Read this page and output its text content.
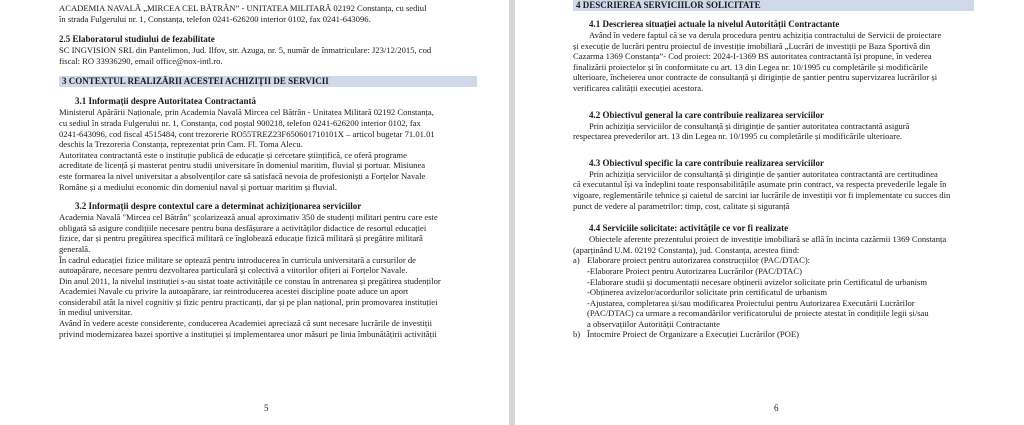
ACADEMIA NAVALĂ „MIRCEA CEL BĂTRÂN” - UNITATEA MILITARĂ 02192 Constanța, cu sediul

în strada Fulgerului nr. 1, Constanța, telefon 0241-626200 interior 0102, fax 0241-643096.

2.5 Elaboratorul studiului de fezabilitate

SC INGVISION SRL din Pantelimon, Jud. Ilfov, str. Azuga, nr. 5, număr de înmatriculare: J23/12/2015, cod

fiscal: RO 33936290, email office@nox-intl.ro.

3 CONTEXTUL REALIZĂRII ACESTEI ACHIZIȚII DE SERVICII
3.1 Informații despre Autoritatea Contractantă

Ministerul Apărării Naționale, prin Academia Navală Mircea cel Bătrân - Unitatea Militară 02192 Constanța,

cu sediul în strada Fulgerului nr. 1, Constanța, cod poștal 900218, telefon 0241-626200 interior 0102, fax

0241-643096, cod fiscal 4515484, cont trezorerie RO55TREZ23F650601710101X – articol bugetar 71.01.01

deschis la Trezoreria Constanța, reprezentat prin Cam. Fl. Toma Alecu.

Autoritatea contractantă este o instituție publică de educație și cercetare științifică, ce oferă programe

acreditate de licență și masterat pentru studii universitare în domeniul maritim, fluvial și portuar. Misiunea

este formarea la nivel universitar a absolvenților care să satisfacă nevoia de profesioniști a Forțelor Navale

Române și a mediului economic din domeniul naval și portuar maritim și fluvial.

3.2 Informații despre contextul care a determinat achiziționarea serviciilor

Academia Navală "Mircea cel Bătrân" școlarizează anual aproximativ 350 de studenți militari pentru care este

obligată să asigure condițiile necesare pentru buna desfășurare a activităților didactice de resortul educației

fizice, dar și pentru pregătirea specifică militară ce înglobează educație fizică militară și pregătire militară

generală.

În cadrul educației fizice militare se optează pentru introducerea în curricula universitară a cursurilor de

autoapărare, necesare pentru dezvoltarea particulară și colectivă a viitorilor ofițeri ai Forțelor Navale.

Din anul 2011, la nivelul instituției s-au sistat toate activitățile ce constau în antrenarea și pregătirea studenților

Academiei Navale cu privire la autoapărare, iar reintroducerea acestei discipline poate aduce un aport

considerabil atât la nivel cognitiv și fizic pentru practicanți, dar și pe plan național, prin promovarea instituției

în mediul universitar.

Având în vedere aceste considerente, conducerea Academiei apreciază că sunt necesare lucrările de investiții

privind modernizarea bazei sportive a instituției și implementarea unor măsuri pe linia îmbunătățirii activității

5
4 DESCRIEREA SERVICIILOR SOLICITATE
4.1 Descrierea situației actuale la nivelul Autorității Contractante

Având în vedere faptul că se va derula procedura pentru achiziția contractului de Servicii de proiectare

și execuție de lucrări pentru proiectul de investiție imobiliară „Lucrări de investiții pe Baza Sportivă din

Cazarma 1369 Constanța”- Cod proiect: 2024-I-1369 BS autoritatea contractantă își propune, în vederea

finalizării proiectelor și în conformitate cu art. 13 din Legea nr. 10/1995 cu completările și modificările

ulterioare, încheierea unor contracte de consultanță și diriginție de șantier pentru supervizarea lucrărilor și

verificarea calității execuției acestora.

4.2 Obiectivul general la care contribuie realizarea serviciilor

Prin achiziția serviciilor de consultanță și diriginție de șantier autoritatea contractantă asigură

respectarea prevederilor art. 13 din Legea nr. 10/1995 cu completările și modificările ulterioare.

4.3 Obiectivul specific la care contribuie realizarea serviciilor

Prin achiziția serviciilor de consultanță și diriginție de șantier autoritatea contractantă are certitudinea

că executantul își va îndeplini toate responsabilitățile asumate prin contract, va respecta prevederile legale în

vigoare, reglementările tehnice și caietul de sarcini iar lucrările de investiții vor fi implementate cu succes din

punct de vedere al parametrilor: timp, cost, calitate și siguranță

4.4 Serviciile solicitate: activitățile ce vor fi realizate

Obiectele aferente prezentului proiect de investiție imobiliară se află în incinta cazărmii 1369 Constanța

(aparținând U.M. 02192 Constanța), jud. Constanța, acestea fiind:

a) Elaborare proiect pentru autorizarea construcțiilor (PAC/DTAC):

-Elaborare Proiect pentru Autorizarea Lucrărilor (PAC/DTAC)

-Elaborare studii și documentații necesare obținerii avizelor solicitate prin Certificatul de urbanism

-Obținerea avizelor/acordurilor solicitate prin certificatul de urbanism

-Ajustarea, completarea și/sau modificarea Proiectului pentru Autorizarea Executării Lucrărilor

(PAC/DTAC) ca urmare a recomandărilor verificatorului de proiecte atestat în condițiile legii și/sau

a observațiilor Autorității Contractante

b) Întocmire Proiect de Organizare a Execuției Lucrărilor (POE)
6
